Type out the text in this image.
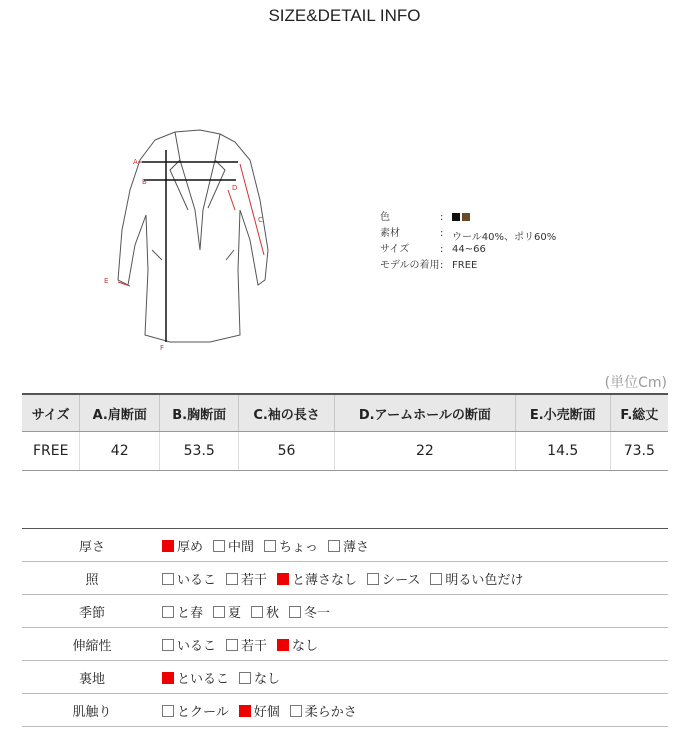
SIZE&DETAIL INFO
A
B
C
D
E
F
色	:
素材	: ウール40%、ポリ60%
サイズ	: 44~66
モデルの着用 : FREE
(単位Cm)
サイズ	A.肩断面	B.胸断面	C.袖の長さ	D.アームホールの断面	E.小売断面	F.総丈
FREE	42	53.5	56	22	14.5	73.5
厚さ	厚め 中間 ちょっ 薄さ
照	いるこ 若干 と薄さなし シース 明るい色だけ
季節	と春 夏 秋 冬一
伸縮性	いるこ 若干 なし
裏地	といるこ なし
肌触り	とクール 好個 柔らかさ
